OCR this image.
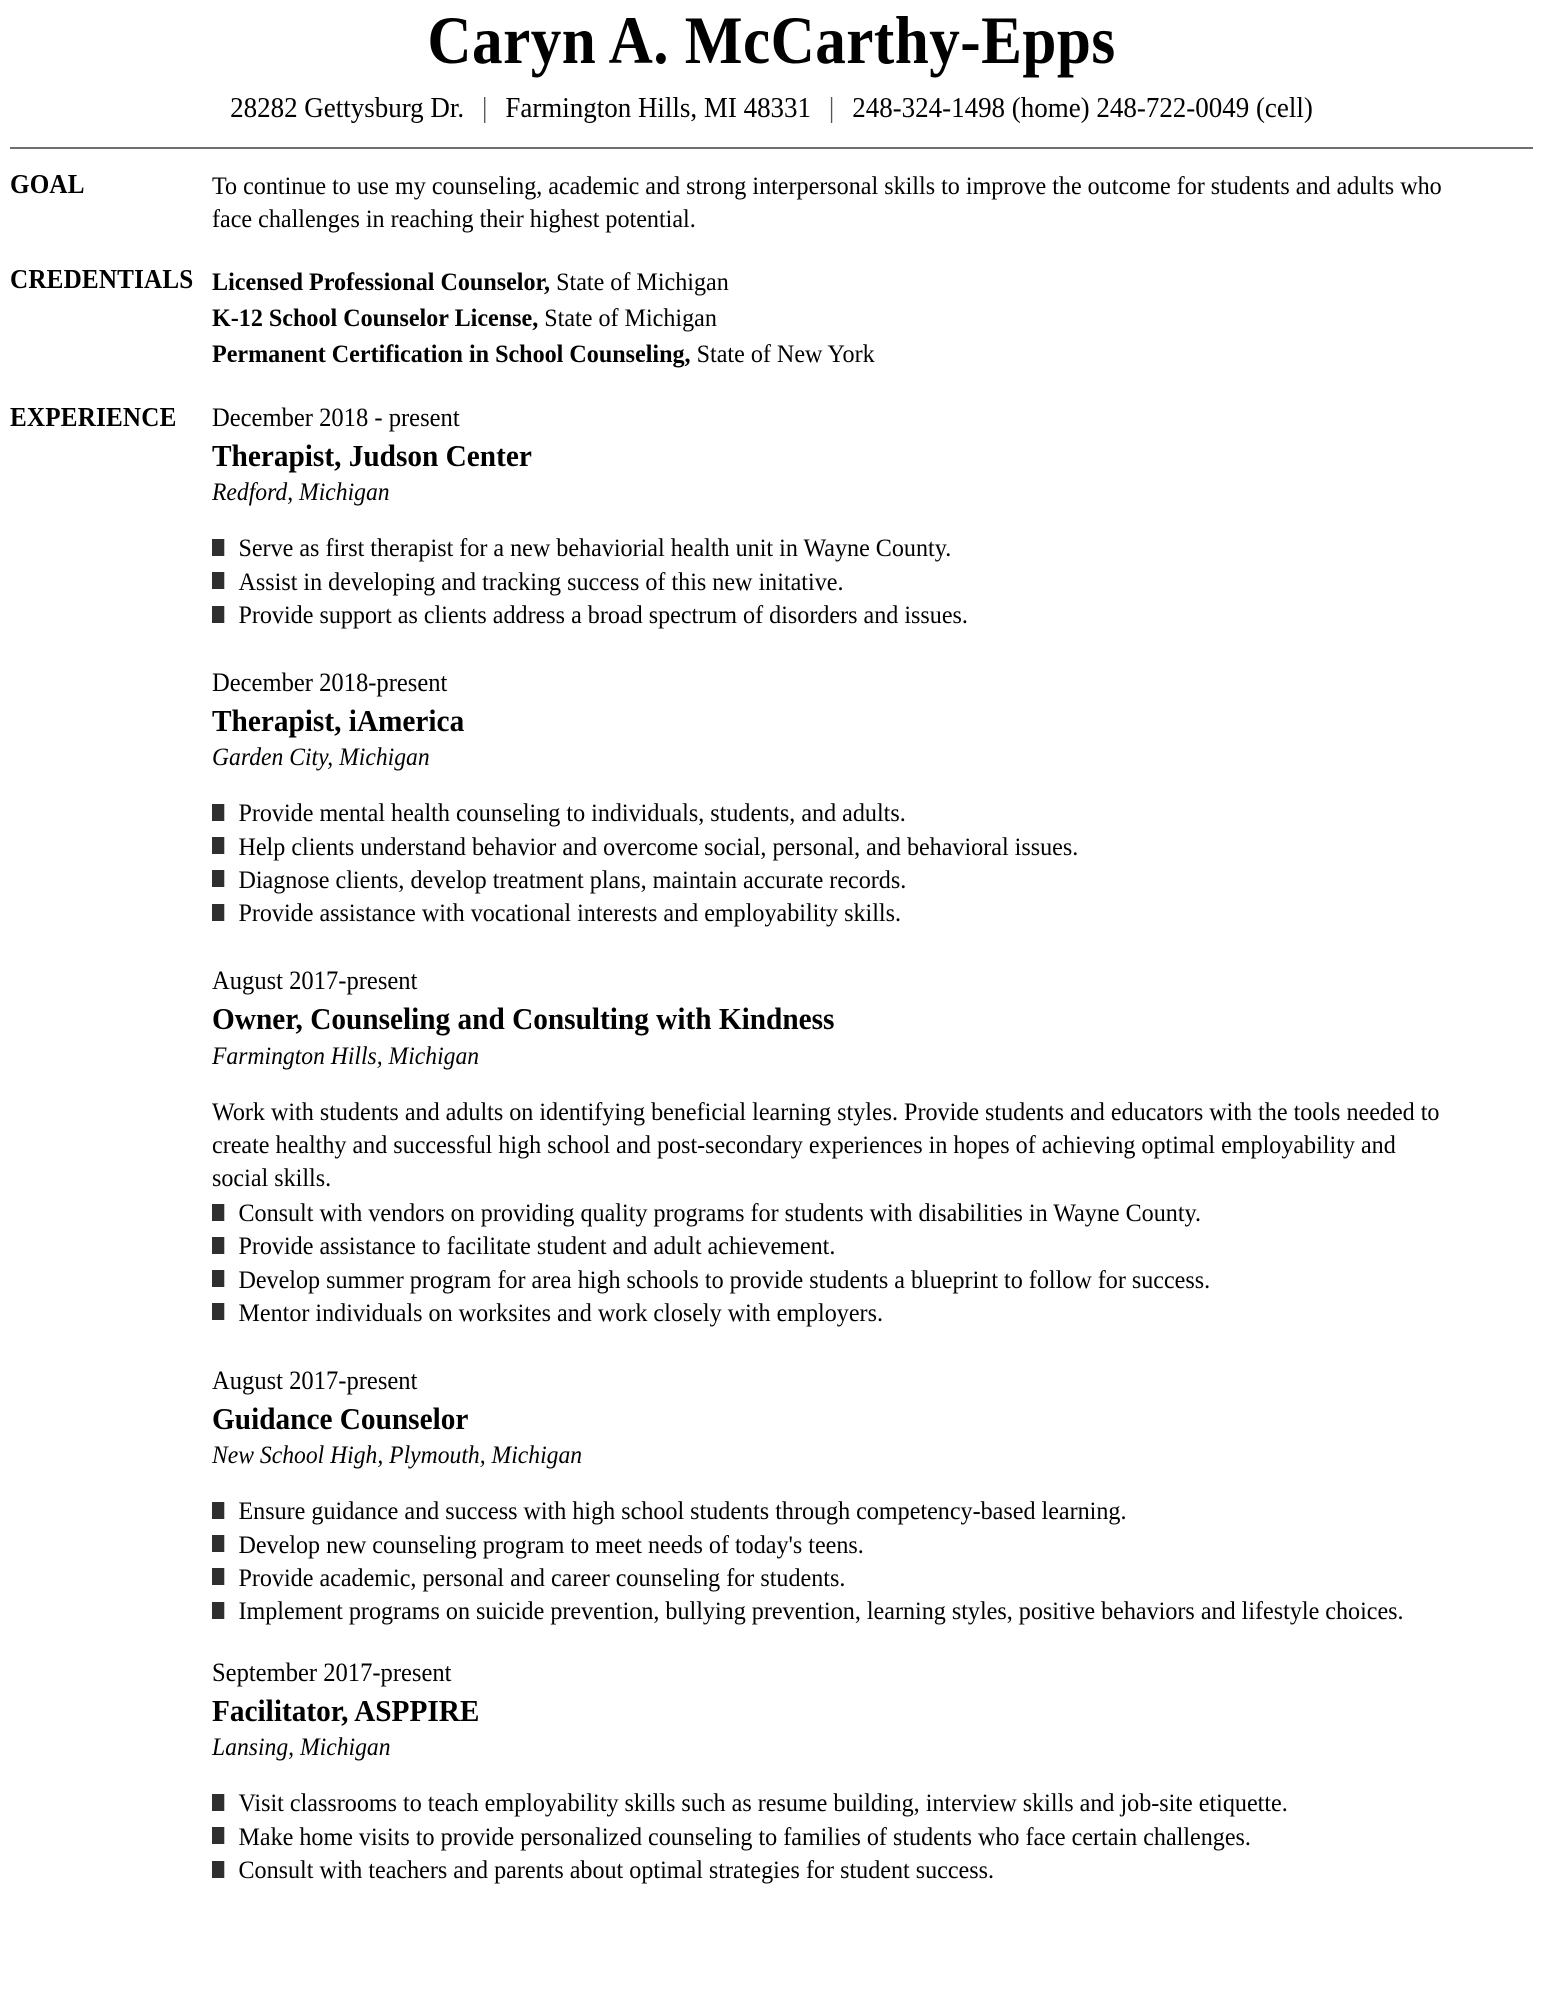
Caryn A. McCarthy-Epps
28282 Gettysburg Dr. | Farmington Hills, MI 48331 | 248-324-1498 (home) 248-722-0049 (cell)
GOAL	To continue to use my counseling, academic and strong interpersonal skills to improve the outcome for students and adults who face challenges in reaching their highest potential.
CREDENTIALS Licensed Professional Counselor, State of Michigan
K-12 School Counselor License, State of Michigan
Permanent Certification in School Counseling, State of New York
EXPERIENCE	December 2018 - present
Therapist, Judson Center
Redford, Michigan
Serve as first therapist for a new behaviorial health unit in Wayne County.
Assist in developing and tracking success of this new initative.
Provide support as clients address a broad spectrum of disorders and issues.
December 2018-present
Therapist, iAmerica
Garden City, Michigan
Provide mental health counseling to individuals, students, and adults.
Help clients understand behavior and overcome social, personal, and behavioral issues.
Diagnose clients, develop treatment plans, maintain accurate records.
Provide assistance with vocational interests and employability skills.
August 2017-present
Owner, Counseling and Consulting with Kindness
Farmington Hills, Michigan
Work with students and adults on identifying beneficial learning styles. Provide students and educators with the tools needed to create healthy and successful high school and post-secondary experiences in hopes of achieving optimal employability and social skills.
Consult with vendors on providing quality programs for students with disabilities in Wayne County.
Provide assistance to facilitate student and adult achievement.
Develop summer program for area high schools to provide students a blueprint to follow for success.
Mentor individuals on worksites and work closely with employers.
August 2017-present
Guidance Counselor
New School High, Plymouth, Michigan
Ensure guidance and success with high school students through competency-based learning.
Develop new counseling program to meet needs of today's teens.
Provide academic, personal and career counseling for students.
Implement programs on suicide prevention, bullying prevention, learning styles, positive behaviors and lifestyle choices.
September 2017-present
Facilitator, ASPPIRE
Lansing, Michigan
Visit classrooms to teach employability skills such as resume building, interview skills and job-site etiquette.
Make home visits to provide personalized counseling to families of students who face certain challenges.
Consult with teachers and parents about optimal strategies for student success.
